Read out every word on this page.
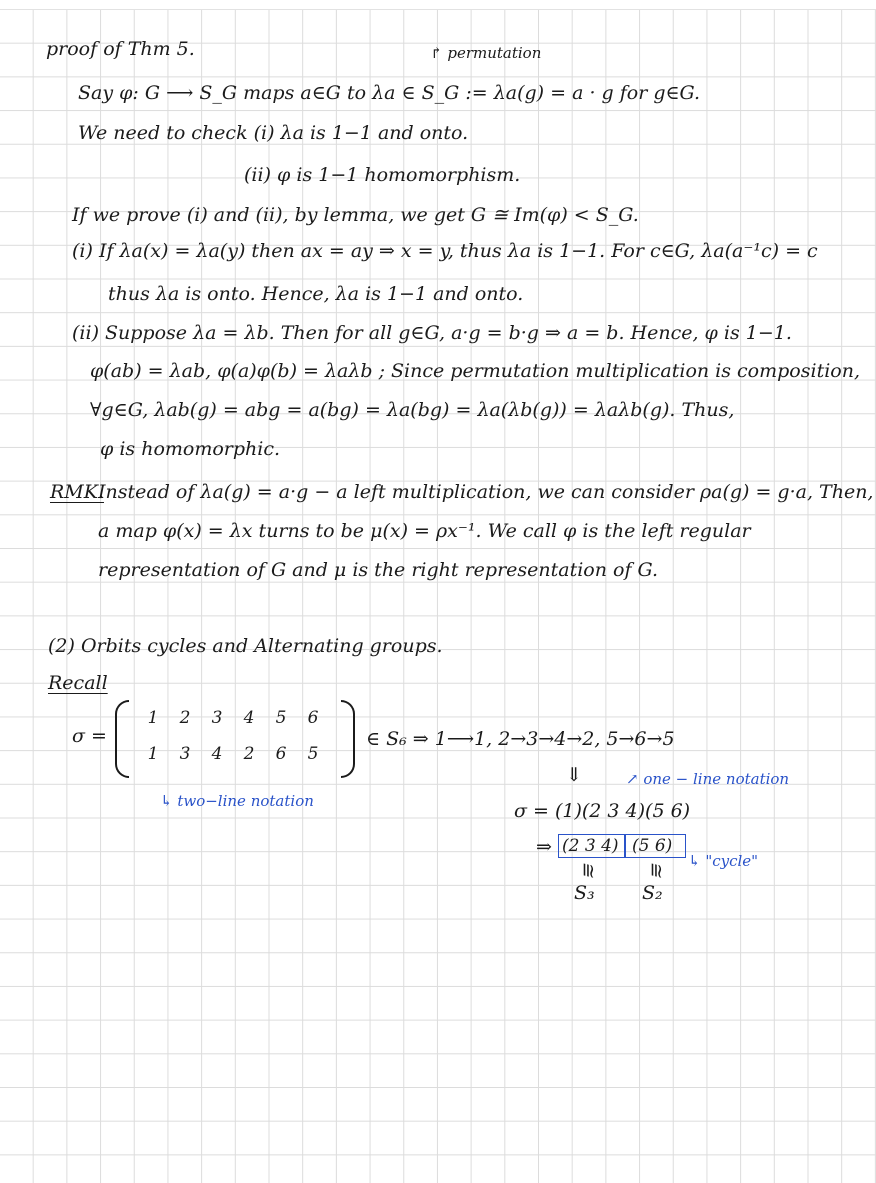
proof of Thm 5.	↱ permutation
Say φ: G ⟶ S_G maps a∈G to λa ∈ S_G := λa(g) = a · g for g∈G.
We need to check (i) λa is 1−1 and onto.
(ii) φ is 1−1 homomorphism.
If we prove (i) and (ii), by lemma, we get G ≅ Im(φ) < S_G.
(i) If λa(x) = λa(y) then ax = ay ⇒ x = y, thus λa is 1−1. For c∈G, λa(a⁻¹c) = c
thus λa is onto. Hence, λa is 1−1 and onto.
(ii) Suppose λa = λb. Then for all g∈G, a·g = b·g ⇒ a = b. Hence, φ is 1−1.
φ(ab) = λab, φ(a)φ(b) = λaλb ; Since permutation multiplication is composition,
∀g∈G, λab(g) = abg = a(bg) = λa(bg) = λa(λb(g)) = λaλb(g). Thus,
φ is homomorphic.
RMK.
Instead of λa(g) = a·g − a left multiplication, we can consider ρa(g) = g·a, Then,
a map φ(x) = λx turns to be μ(x) = ρx⁻¹. We call φ is the left regular
representation of G and μ is the right representation of G.
(2) Orbits cycles and Alternating groups.
Recall
σ =
1	2	3	4	5	6
1	3	4	2	6	5
∈ S₆ ⇒ 1⟶1, 2→3→4→2, 5→6→5
↳ two−line notation
⇓	↗ one − line notation
σ = (1)(2 3 4)(5 6)
⇒ (2 3 4) (5 6)
↳ "cycle"
≅ ≅
S₃ S₂
